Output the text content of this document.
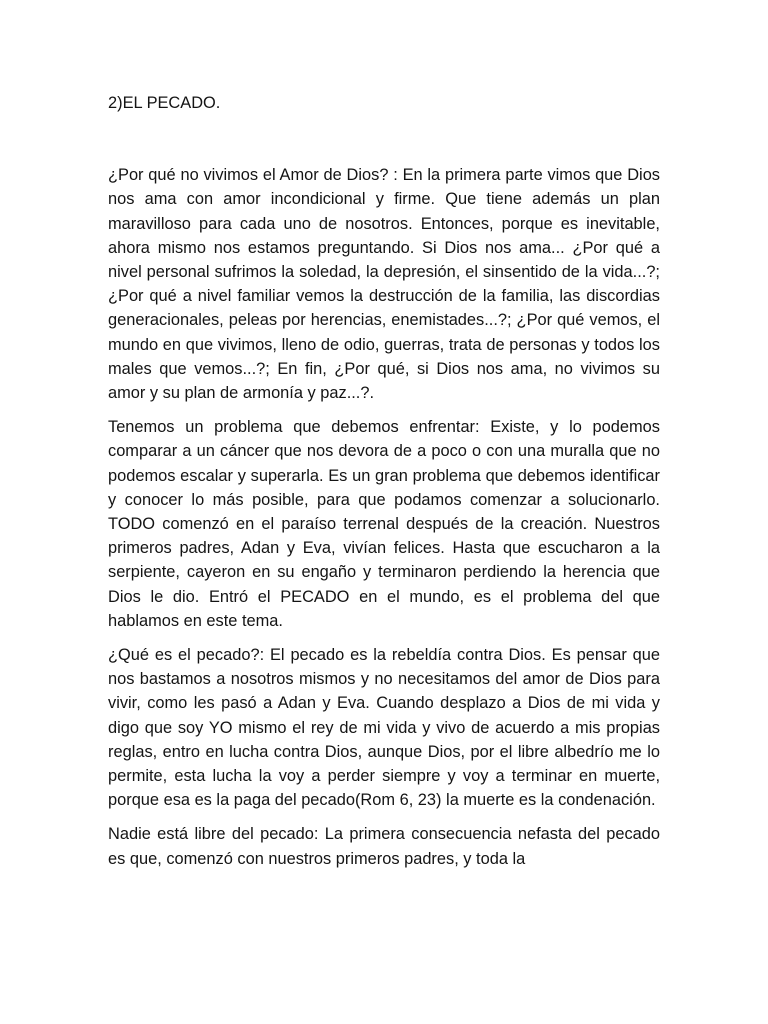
2)EL PECADO.

¿Por qué no vivimos el Amor de Dios? : En la primera parte vimos que Dios nos ama con amor incondicional y firme. Que tiene además un plan maravilloso para cada uno de nosotros. Entonces, porque es inevitable, ahora mismo nos estamos preguntando. Si Dios nos ama... ¿Por qué a nivel personal sufrimos la soledad, la depresión, el sinsentido de la vida...?; ¿Por qué a nivel familiar vemos la destrucción de la familia, las discordias generacionales, peleas por herencias, enemistades...?; ¿Por qué vemos, el mundo en que vivimos, lleno de odio, guerras, trata de personas y todos los males que vemos...?; En fin, ¿Por qué, si Dios nos ama, no vivimos su amor y su plan de armonía y paz...?.

Tenemos un problema que debemos enfrentar: Existe, y lo podemos comparar a un cáncer que nos devora de a poco o con una muralla que no podemos escalar y superarla. Es un gran problema que debemos identificar y conocer lo más posible, para que podamos comenzar a solucionarlo. TODO comenzó en el paraíso terrenal después de la creación. Nuestros primeros padres, Adan y Eva, vivían felices. Hasta que escucharon a la serpiente, cayeron en su engaño y terminaron perdiendo la herencia que Dios le dio. Entró el PECADO en el mundo, es el problema del que hablamos en este tema.

¿Qué es el pecado?: El pecado es la rebeldía contra Dios. Es pensar que nos bastamos a nosotros mismos y no necesitamos del amor de Dios para vivir, como les pasó a Adan y Eva. Cuando desplazo a Dios de mi vida y digo que soy YO mismo el rey de mi vida y vivo de acuerdo a mis propias reglas, entro en lucha contra Dios, aunque Dios, por el libre albedrío me lo permite, esta lucha la voy a perder siempre y voy a terminar en muerte, porque esa es la paga del pecado(Rom 6, 23) la muerte es la condenación.

Nadie está libre del pecado: La primera consecuencia nefasta del pecado es que, comenzó con nuestros primeros padres, y toda la
